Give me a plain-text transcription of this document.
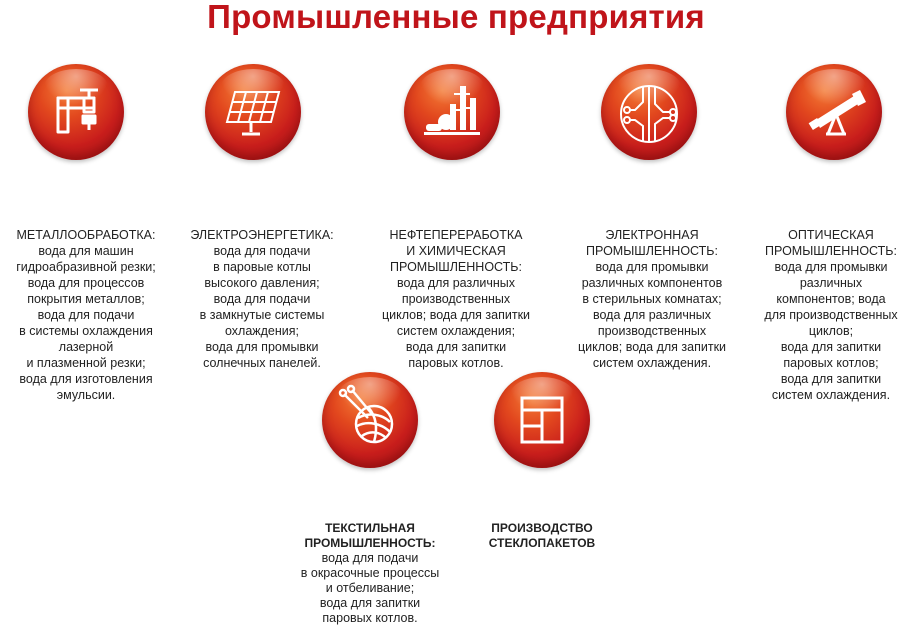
Промышленные предприятия
МЕТАЛЛООБРАБОТКА:
вода для машин
гидроабразивной резки;
вода для процессов
покрытия металлов;
вода для подачи
в системы охлаждения
лазерной
и плазменной резки;
вода для изготовления
эмульсии.
ЭЛЕКТРОЭНЕРГЕТИКА:
вода для подачи
в паровые котлы
высокого давления;
вода для подачи
в замкнутые системы
охлаждения;
вода для промывки
солнечных панелей.
НЕФТЕПЕРЕРАБОТКА
И ХИМИЧЕСКАЯ
ПРОМЫШЛЕННОСТЬ:
вода для различных
производственных
циклов; вода для запитки
систем охлаждения;
вода для запитки
паровых котлов.
ЭЛЕКТРОННАЯ
ПРОМЫШЛЕННОСТЬ:
вода для промывки
различных компонентов
в стерильных комнатах;
вода для различных
производственных
циклов; вода для запитки
систем охлаждения.
ОПТИЧЕСКАЯ
ПРОМЫШЛЕННОСТЬ:
вода для промывки
различных
компонентов; вода
для производственных
циклов;
вода для запитки
паровых котлов;
вода для запитки
систем охлаждения.
ТЕКСТИЛЬНАЯ
ПРОМЫШЛЕННОСТЬ:
вода для подачи
в окрасочные процессы
и отбеливание;
вода для запитки
паровых котлов.
ПРОИЗВОДСТВО
СТЕКЛОПАКЕТОВ
